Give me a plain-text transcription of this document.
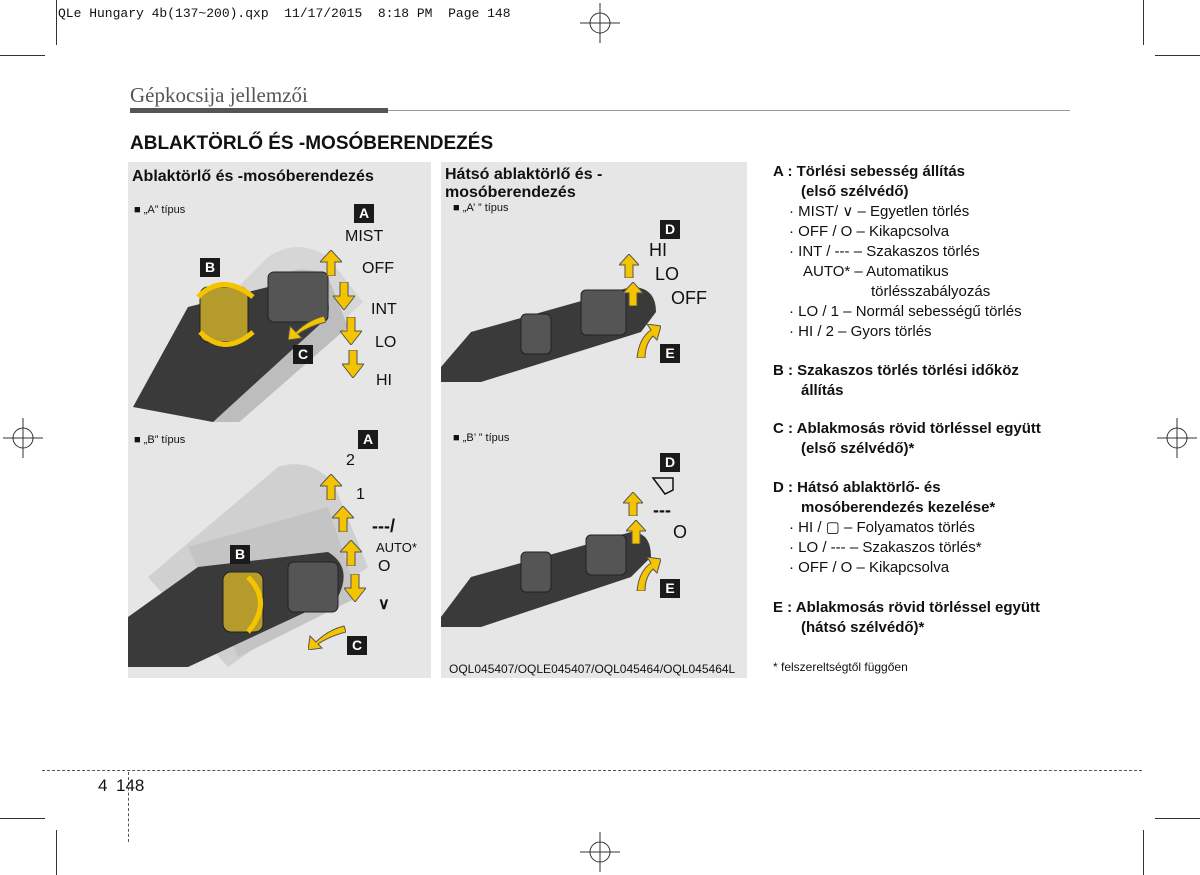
QLe Hungary 4b(137~200).qxp 11/17/2015 8:18 PM Page 148
Gépkocsija jellemzői
ABLAKTÖRLŐ ÉS -MOSÓBERENDEZÉS
Ablaktörlő és -mosóberendezés
■ „A” típus
■ „B” típus
A
B
C
MIST
OFF
INT
LO
HI
A
B
C
2
1
---/
AUTO*
O
∨
Hátsó ablaktörlő és -
mosóberendezés
■ „A’ ” típus
■ „B’ ” típus
D
E
HI
LO
OFF
D
E
---
O
OQL045407/OQLE045407/OQL045464/OQL045464L
A : Törlési sebesség állítás
(első szélvédő)
· MIST/ ∨ – Egyetlen törlés
· OFF / O – Kikapcsolva
· INT / --- – Szakaszos törlés
AUTO* – Automatikus
törlésszabályozás
· LO / 1 – Normál sebességű törlés
· HI / 2 – Gyors törlés
B : Szakaszos törlés törlési időköz
állítás
C : Ablakmosás rövid törléssel együtt
(első szélvédő)*
D : Hátsó ablaktörlő- és
mosóberendezés kezelése*
· HI / ▢ – Folyamatos törlés
· LO / --- – Szakaszos törlés*
· OFF / O – Kikapcsolva
E : Ablakmosás rövid törléssel együtt
(hátsó szélvédő)*
* felszereltségtől függően
4 148
